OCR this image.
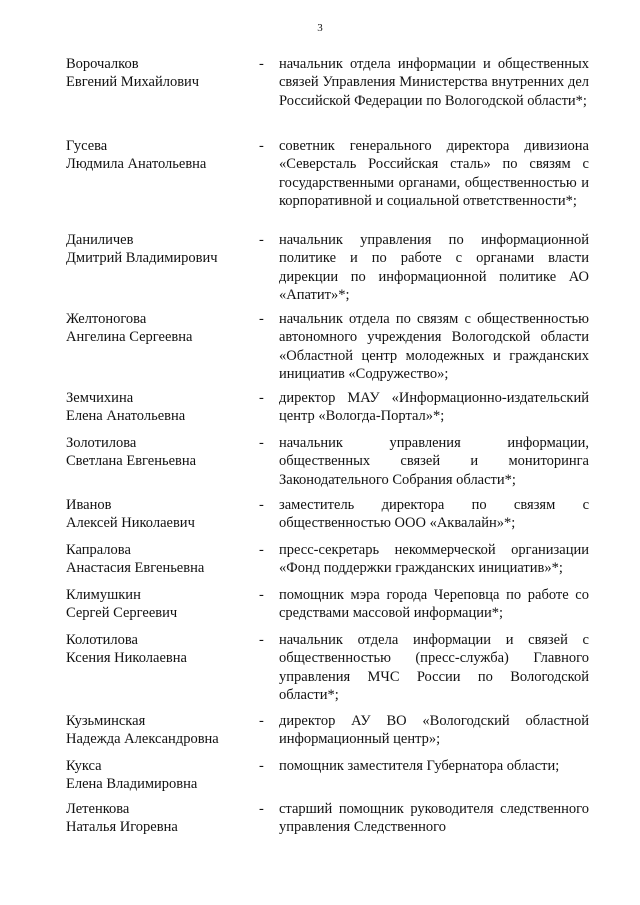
3
Ворочалков
Евгений Михайлович
- начальник отдела информации и общественных связей Управления Министерства внутренних дел Российской Федерации по Вологодской области*;
Гусева
Людмила Анатольевна
- советник генерального директора дивизиона «Северсталь Российская сталь» по связям с государственными органами, общественностью и корпоративной и социальной ответственности*;
Даниличев
Дмитрий Владимирович
- начальник управления по информационной политике и по работе с органами власти дирекции по информационной политике АО «Апатит»*;
Желтоногова
Ангелина Сергеевна
- начальник отдела по связям с общественностью автономного учреждения Вологодской области «Областной центр молодежных и гражданских инициатив «Содружество»;
Земчихина
Елена Анатольевна
- директор МАУ «Информационно-издательский центр «Вологда-Портал»*;
Золотилова
Светлана Евгеньевна
- начальник управления информации, общественных связей и мониторинга Законодательного Собрания области*;
Иванов
Алексей Николаевич
- заместитель директора по связям с общественностью ООО «Аквалайн»*;
Капралова
Анастасия Евгеньевна
- пресс-секретарь некоммерческой организации «Фонд поддержки гражданских инициатив»*;
Климушкин
Сергей Сергеевич
- помощник мэра города Череповца по работе со средствами массовой информации*;
Колотилова
Ксения Николаевна
- начальник отдела информации и связей с общественностью (пресс-служба) Главного управления МЧС России по Вологодской области*;
Кузьминская
Надежда Александровна
- директор АУ ВО «Вологодский областной информационный центр»;
Кукса
Елена Владимировна
- помощник заместителя Губернатора области;
Летенкова
Наталья Игоревна
- старший помощник руководителя следственного управления Следственного
